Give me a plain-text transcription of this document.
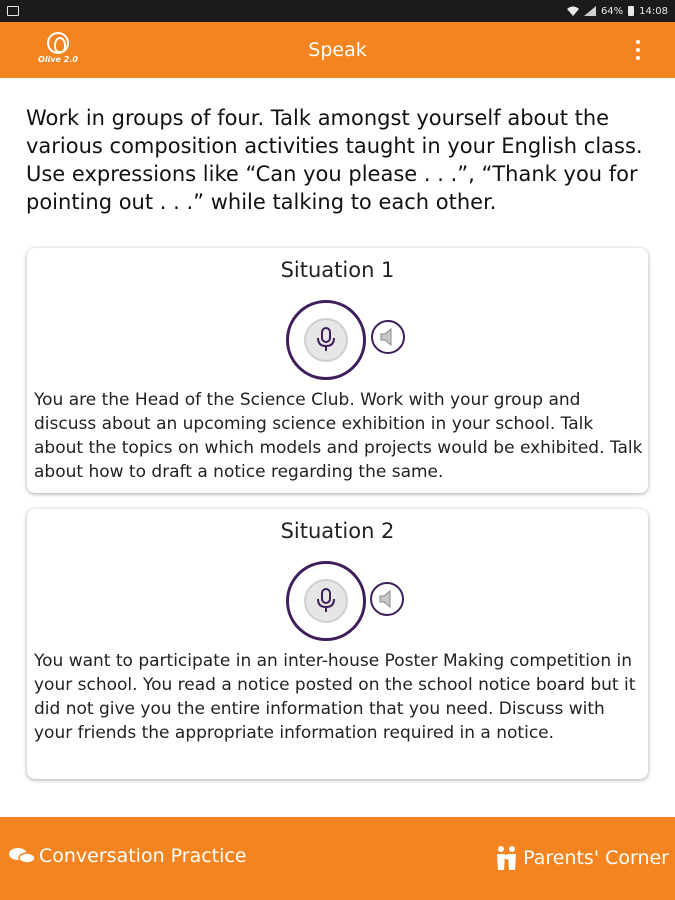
64% 14:08
Olive 2.0	Speak

Work in groups of four. Talk amongst yourself about the various composition activities taught in your English class. Use expressions like “Can you please . . .”, “Thank you for pointing out . . .” while talking to each other.

Situation 1

You are the Head of the Science Club. Work with your group and discuss about an upcoming science exhibition in your school. Talk about the topics on which models and projects would be exhibited. Talk about how to draft a notice regarding the same.

Situation 2

You want to participate in an inter-house Poster Making competition in your school. You read a notice posted on the school notice board but it did not give you the entire information that you need. Discuss with your friends the appropriate information required in a notice.

Conversation Practice	Parents' Corner
